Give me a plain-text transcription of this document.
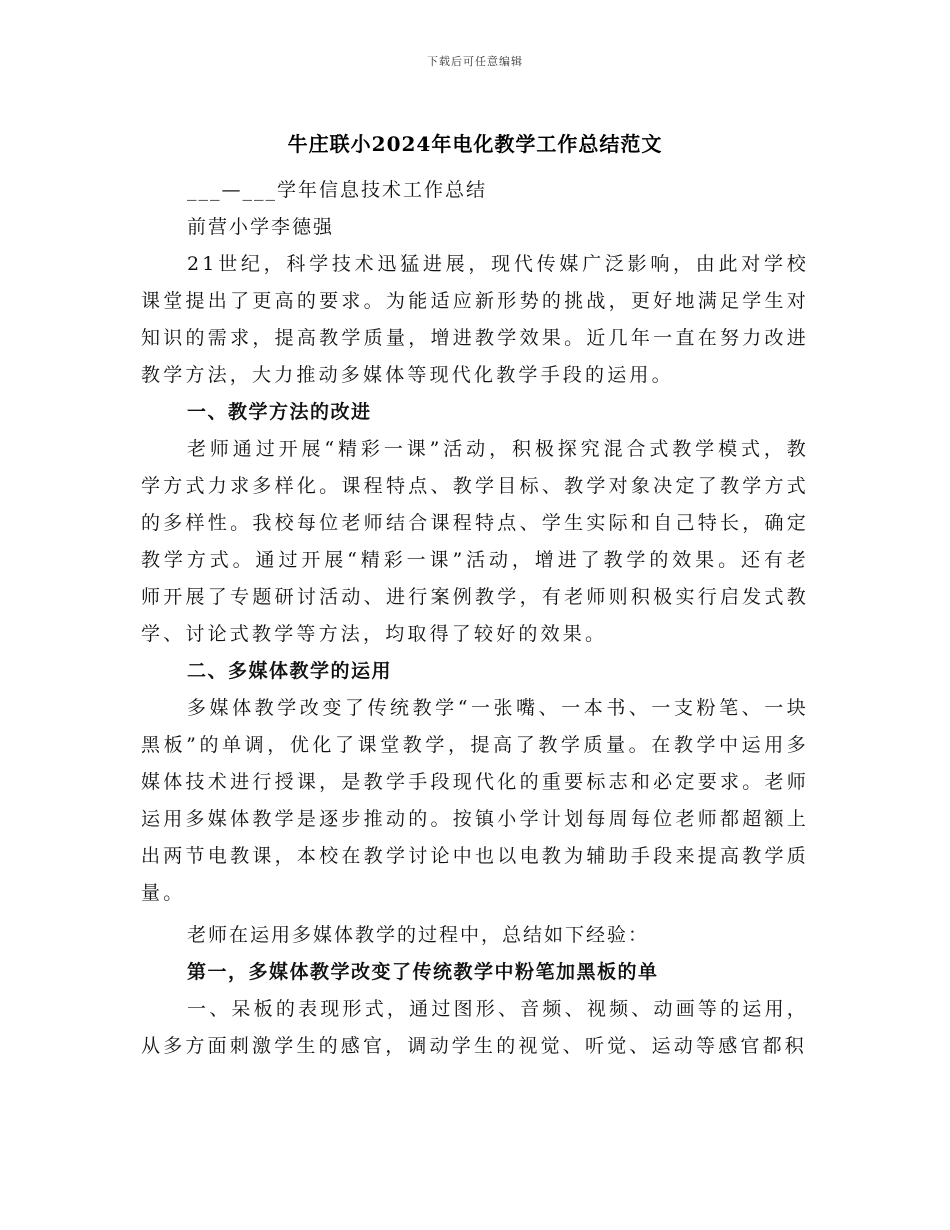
下载后可任意编辑
牛庄联小2024年电化教学工作总结范文

___—___学年信息技术工作总结

前营小学李德强

21世纪，科学技术迅猛进展，现代传媒广泛影响，由此对学校课堂提出了更高的要求。为能适应新形势的挑战，更好地满足学生对知识的需求，提高教学质量，增进教学效果。近几年一直在努力改进教学方法，大力推动多媒体等现代化教学手段的运用。

一、教学方法的改进

老师通过开展“精彩一课”活动，积极探究混合式教学模式，教学方式力求多样化。课程特点、教学目标、教学对象决定了教学方式的多样性。我校每位老师结合课程特点、学生实际和自己特长，确定教学方式。通过开展“精彩一课”活动，增进了教学的效果。还有老师开展了专题研讨活动、进行案例教学，有老师则积极实行启发式教学、讨论式教学等方法，均取得了较好的效果。

二、多媒体教学的运用

多媒体教学改变了传统教学“一张嘴、一本书、一支粉笔、一块黑板”的单调，优化了课堂教学，提高了教学质量。在教学中运用多媒体技术进行授课，是教学手段现代化的重要标志和必定要求。老师运用多媒体教学是逐步推动的。按镇小学计划每周每位老师都超额上出两节电教课，本校在教学讨论中也以电教为辅助手段来提高教学质量。

老师在运用多媒体教学的过程中，总结如下经验：

第一，多媒体教学改变了传统教学中粉笔加黑板的单

一、呆板的表现形式，通过图形、音频、视频、动画等的运用，从多方面刺激学生的感官，调动学生的视觉、听觉、运动等感官都积
